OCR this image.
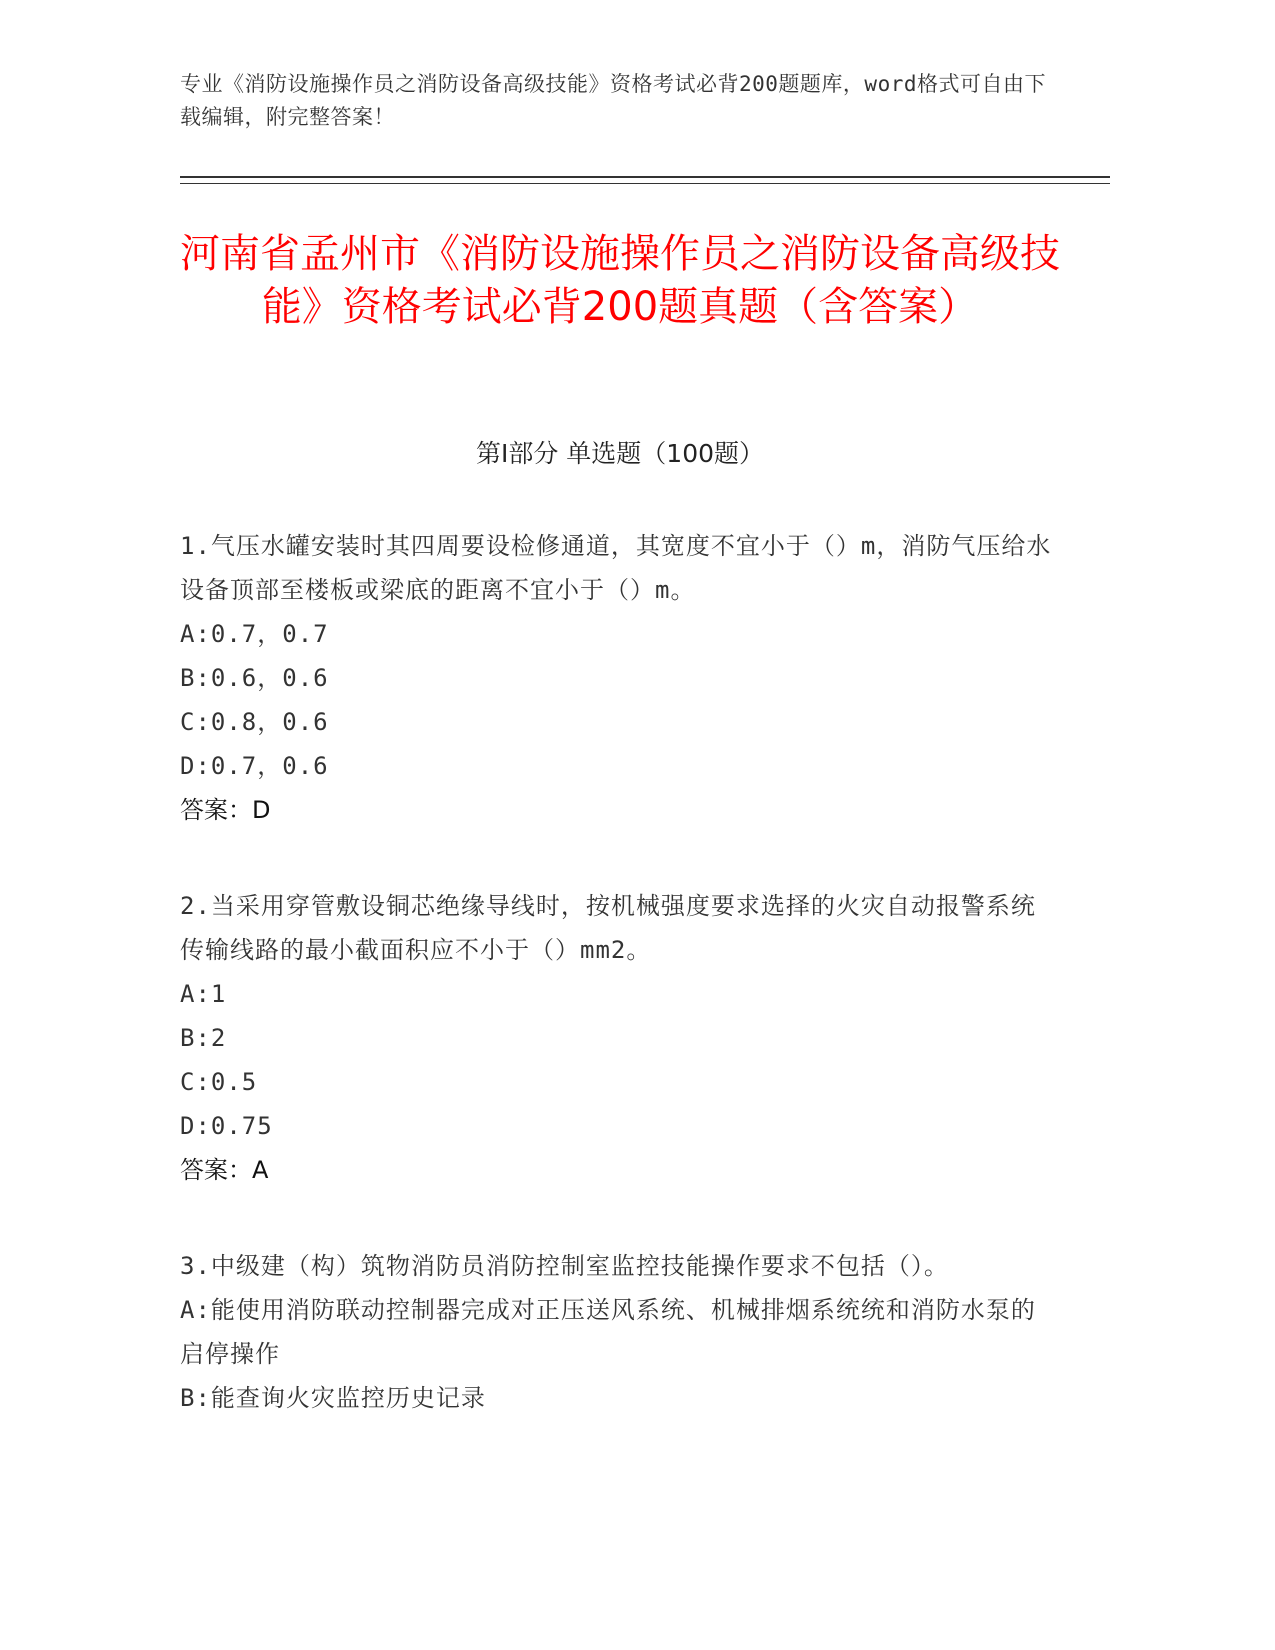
专业《消防设施操作员之消防设备高级技能》资格考试必背200题题库，word格式可自由下载编辑，附完整答案！
河南省孟州市《消防设施操作员之消防设备高级技能》资格考试必背200题真题（含答案）
第I部分 单选题（100题）

1.气压水罐安装时其四周要设检修通道，其宽度不宜小于（）m，消防气压给水设备顶部至楼板或梁底的距离不宜小于（）m。

A:0.7，0.7

B:0.6，0.6

C:0.8，0.6

D:0.7，0.6

答案：D

2.当采用穿管敷设铜芯绝缘导线时，按机械强度要求选择的火灾自动报警系统传输线路的最小截面积应不小于（）mm2。

A:1

B:2

C:0.5

D:0.75

答案：A

3.中级建（构）筑物消防员消防控制室监控技能操作要求不包括（）。

A:能使用消防联动控制器完成对正压送风系统、机械排烟系统统和消防水泵的启停操作

B:能查询火灾监控历史记录
